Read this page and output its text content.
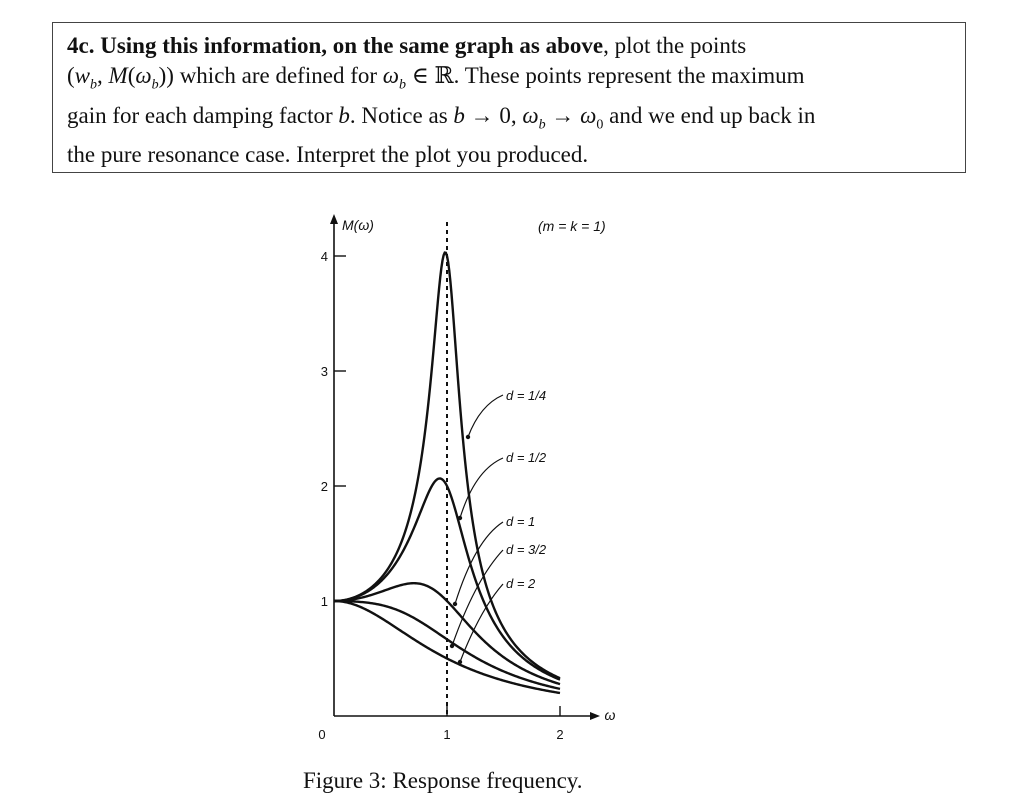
4c. Using this information, on the same graph as above, plot the points
($w_b$, $M(\omega_b)$) which are defined for $\omega_b$ ∈ ℝ. These points represent the maximum
gain for each damping factor b. Notice as b → 0, $\omega_b \to \omega_0$ and we end up back in
the pure resonance case. Interpret the plot you produced.
1
2
3
4
0	1	2
M(ω)
ω
(m = k = 1)
d = 1/4
d = 1/2
d = 1
d = 3/2
d = 2
Figure 3: Response frequency.
